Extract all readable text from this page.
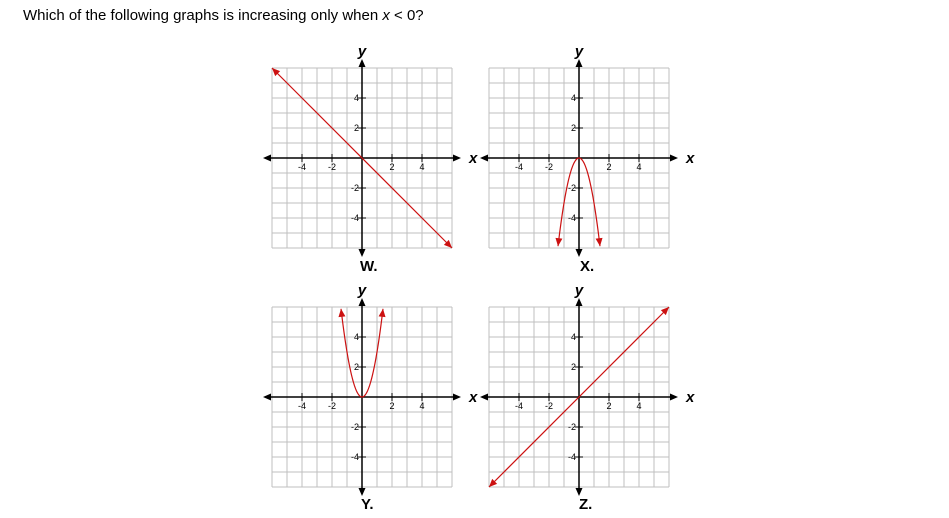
Which of the following graphs is increasing only when x < 0?
-4 -2	2	4
4
2
-2
-4
x
y
-4 -2	2	4
4
2
-2
-4
x
y
-4 -2	2	4
4
2
-2
-4
x
y
-4 -2	2	4
4
2
-2
-4
x
y
W.	X.
Y.	Z.
